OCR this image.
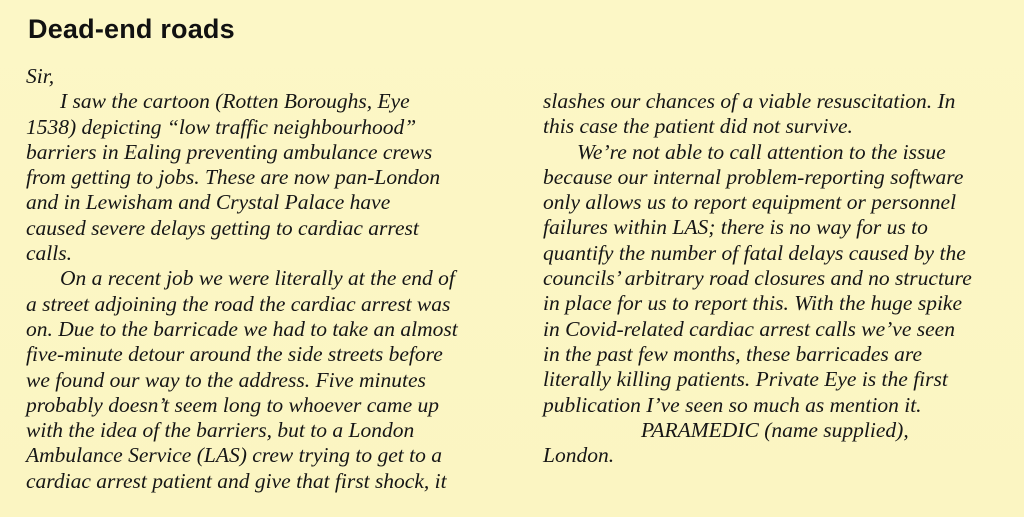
Dead-end roads
Sir,
I saw the cartoon (Rotten Boroughs, Eye
1538) depicting “low traffic neighbourhood”
barriers in Ealing preventing ambulance crews
from getting to jobs. These are now pan-London
and in Lewisham and Crystal Palace have
caused severe delays getting to cardiac arrest
calls.
On a recent job we were literally at the end of
a street adjoining the road the cardiac arrest was
on. Due to the barricade we had to take an almost
five-minute detour around the side streets before
we found our way to the address. Five minutes
probably doesn’t seem long to whoever came up
with the idea of the barriers, but to a London
Ambulance Service (LAS) crew trying to get to a
cardiac arrest patient and give that first shock, it
slashes our chances of a viable resuscitation. In
this case the patient did not survive.
We’re not able to call attention to the issue
because our internal problem-reporting software
only allows us to report equipment or personnel
failures within LAS; there is no way for us to
quantify the number of fatal delays caused by the
councils’ arbitrary road closures and no structure
in place for us to report this. With the huge spike
in Covid-related cardiac arrest calls we’ve seen
in the past few months, these barricades are
literally killing patients. Private Eye is the first
publication I’ve seen so much as mention it.
PARAMEDIC (name supplied),
London.
